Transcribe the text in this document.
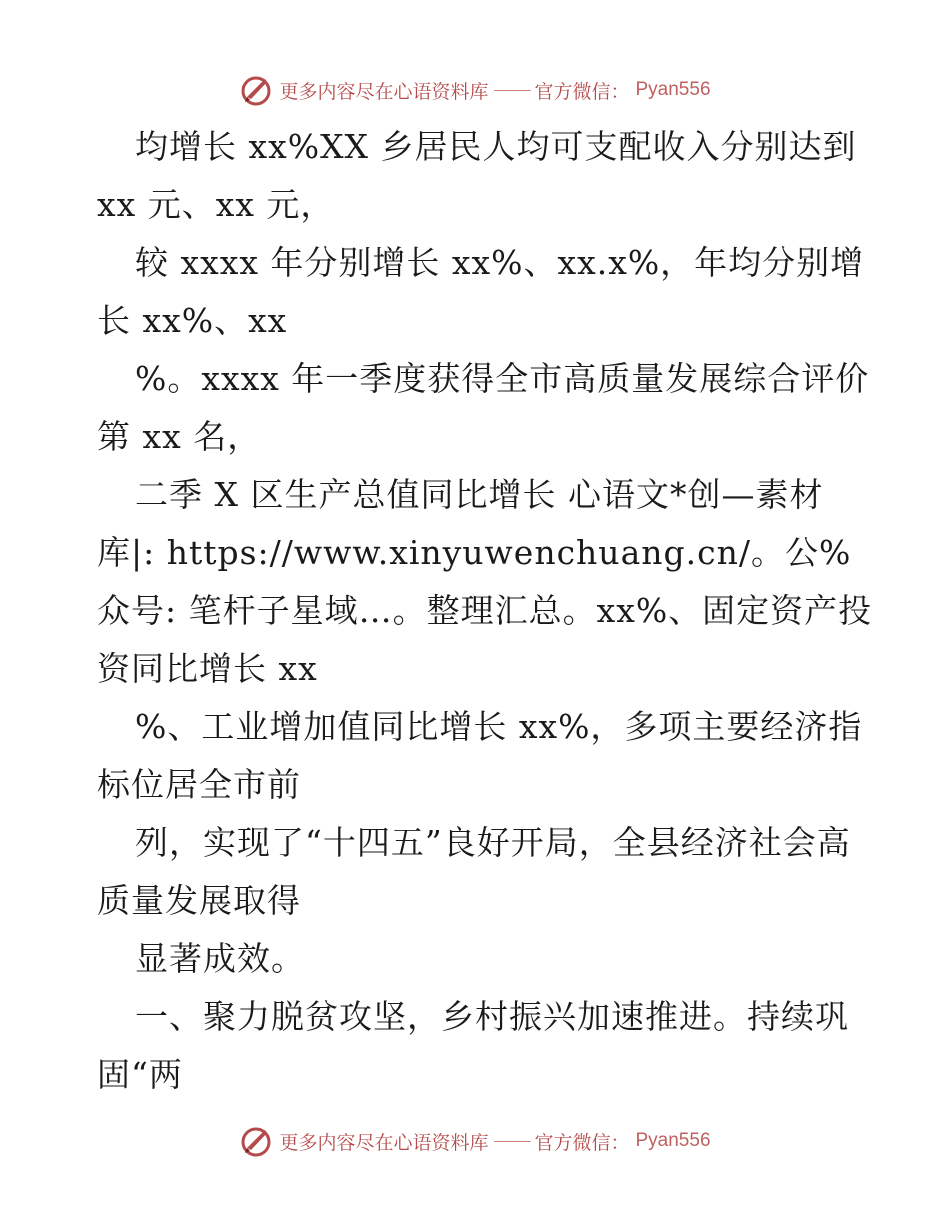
更多内容尽在心语资料库 —— 官方微信： Pyan556

均增长 xx%XX 乡居民人均可支配收入分别达到 xx 元、xx 元，

较 xxxx 年分别增长 xx%、xx.x%，年均分别增长 xx%、xx

%。xxxx 年一季度获得全市高质量发展综合评价第 xx 名，

二季 X 区生产总值同比增长 心语文*创—素材库|: https://www.xinyuwenchuang.cn/。公%众号: 笔杆子星域…。整理汇总。xx%、固定资产投资同比增长 xx

%、工业增加值同比增长 xx%，多项主要经济指标位居全市前

列，实现了“十四五”良好开局，全县经济社会高质量发展取得

显著成效。

一、聚力脱贫攻坚，乡村振兴加速推进。持续巩固“两

更多内容尽在心语资料库 —— 官方微信： Pyan556
